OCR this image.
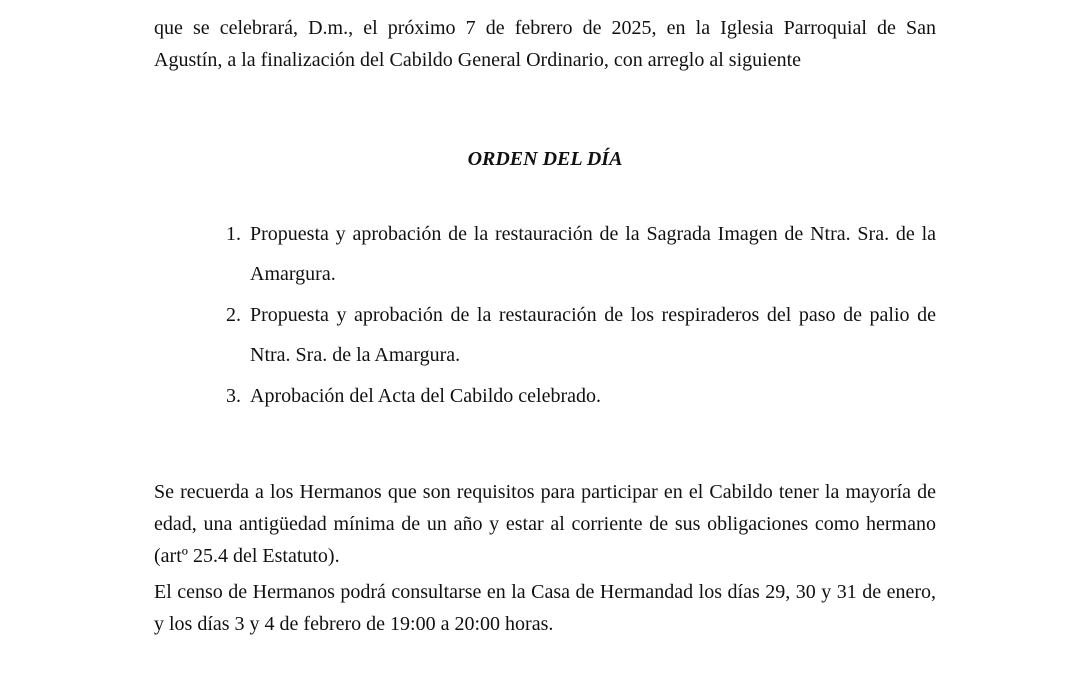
que se celebrará, D.m., el próximo 7 de febrero de 2025, en la Iglesia Parroquial de San
Agustín, a la finalización del Cabildo General Ordinario, con arreglo al siguiente

ORDEN DEL DÍA
1. Propuesta y aprobación de la restauración de la Sagrada Imagen de Ntra. Sra. de la Amargura.
2. Propuesta y aprobación de la restauración de los respiraderos del paso de palio de Ntra. Sra. de la Amargura.
3. Aprobación del Acta del Cabildo celebrado.

Se recuerda a los Hermanos que son requisitos para participar en el Cabildo tener la mayoría de edad, una antigüedad mínima de un año y estar al corriente de sus obligaciones como hermano (artº 25.4 del Estatuto).

El censo de Hermanos podrá consultarse en la Casa de Hermandad los días 29, 30 y 31 de enero, y los días 3 y 4 de febrero de 19:00 a 20:00 horas.
